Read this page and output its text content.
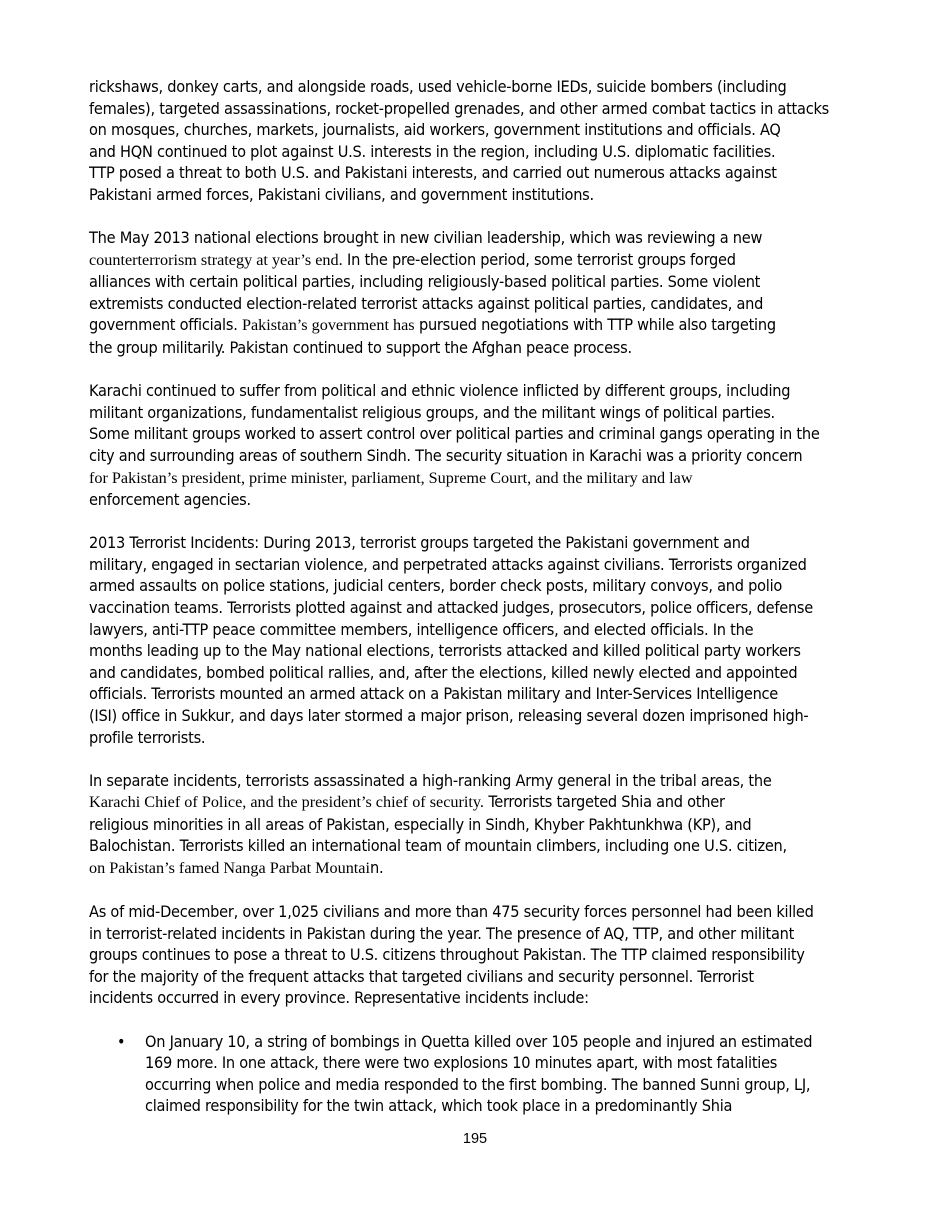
rickshaws, donkey carts, and alongside roads, used vehicle-borne IEDs, suicide bombers (including
females), targeted assassinations, rocket-propelled grenades, and other armed combat tactics in attacks
on mosques, churches, markets, journalists, aid workers, government institutions and officials. AQ
and HQN continued to plot against U.S. interests in the region, including U.S. diplomatic facilities.
TTP posed a threat to both U.S. and Pakistani interests, and carried out numerous attacks against
Pakistani armed forces, Pakistani civilians, and government institutions.

The May 2013 national elections brought in new civilian leadership, which was reviewing a new
counterterrorism strategy at year’s end. In the pre-election period, some terrorist groups forged
alliances with certain political parties, including religiously-based political parties. Some violent
extremists conducted election-related terrorist attacks against political parties, candidates, and
government officials. Pakistan’s government has pursued negotiations with TTP while also targeting
the group militarily. Pakistan continued to support the Afghan peace process.

Karachi continued to suffer from political and ethnic violence inflicted by different groups, including
militant organizations, fundamentalist religious groups, and the militant wings of political parties.
Some militant groups worked to assert control over political parties and criminal gangs operating in the
city and surrounding areas of southern Sindh. The security situation in Karachi was a priority concern
for Pakistan’s president, prime minister, parliament, Supreme Court, and the military and law
enforcement agencies.

2013 Terrorist Incidents: During 2013, terrorist groups targeted the Pakistani government and
military, engaged in sectarian violence, and perpetrated attacks against civilians. Terrorists organized
armed assaults on police stations, judicial centers, border check posts, military convoys, and polio
vaccination teams. Terrorists plotted against and attacked judges, prosecutors, police officers, defense
lawyers, anti-TTP peace committee members, intelligence officers, and elected officials. In the
months leading up to the May national elections, terrorists attacked and killed political party workers
and candidates, bombed political rallies, and, after the elections, killed newly elected and appointed
officials. Terrorists mounted an armed attack on a Pakistan military and Inter-Services Intelligence
(ISI) office in Sukkur, and days later stormed a major prison, releasing several dozen imprisoned high-
profile terrorists.

In separate incidents, terrorists assassinated a high-ranking Army general in the tribal areas, the
Karachi Chief of Police, and the president’s chief of security. Terrorists targeted Shia and other
religious minorities in all areas of Pakistan, especially in Sindh, Khyber Pakhtunkhwa (KP), and
Balochistan. Terrorists killed an international team of mountain climbers, including one U.S. citizen,
on Pakistan’s famed Nanga Parbat Mountain.

As of mid-December, over 1,025 civilians and more than 475 security forces personnel had been killed
in terrorist-related incidents in Pakistan during the year. The presence of AQ, TTP, and other militant
groups continues to pose a threat to U.S. citizens throughout Pakistan. The TTP claimed responsibility
for the majority of the frequent attacks that targeted civilians and security personnel. Terrorist
incidents occurred in every province. Representative incidents include:

• On January 10, a string of bombings in Quetta killed over 105 people and injured an estimated
169 more. In one attack, there were two explosions 10 minutes apart, with most fatalities
occurring when police and media responded to the first bombing. The banned Sunni group, LJ,
claimed responsibility for the twin attack, which took place in a predominantly Shia
195
